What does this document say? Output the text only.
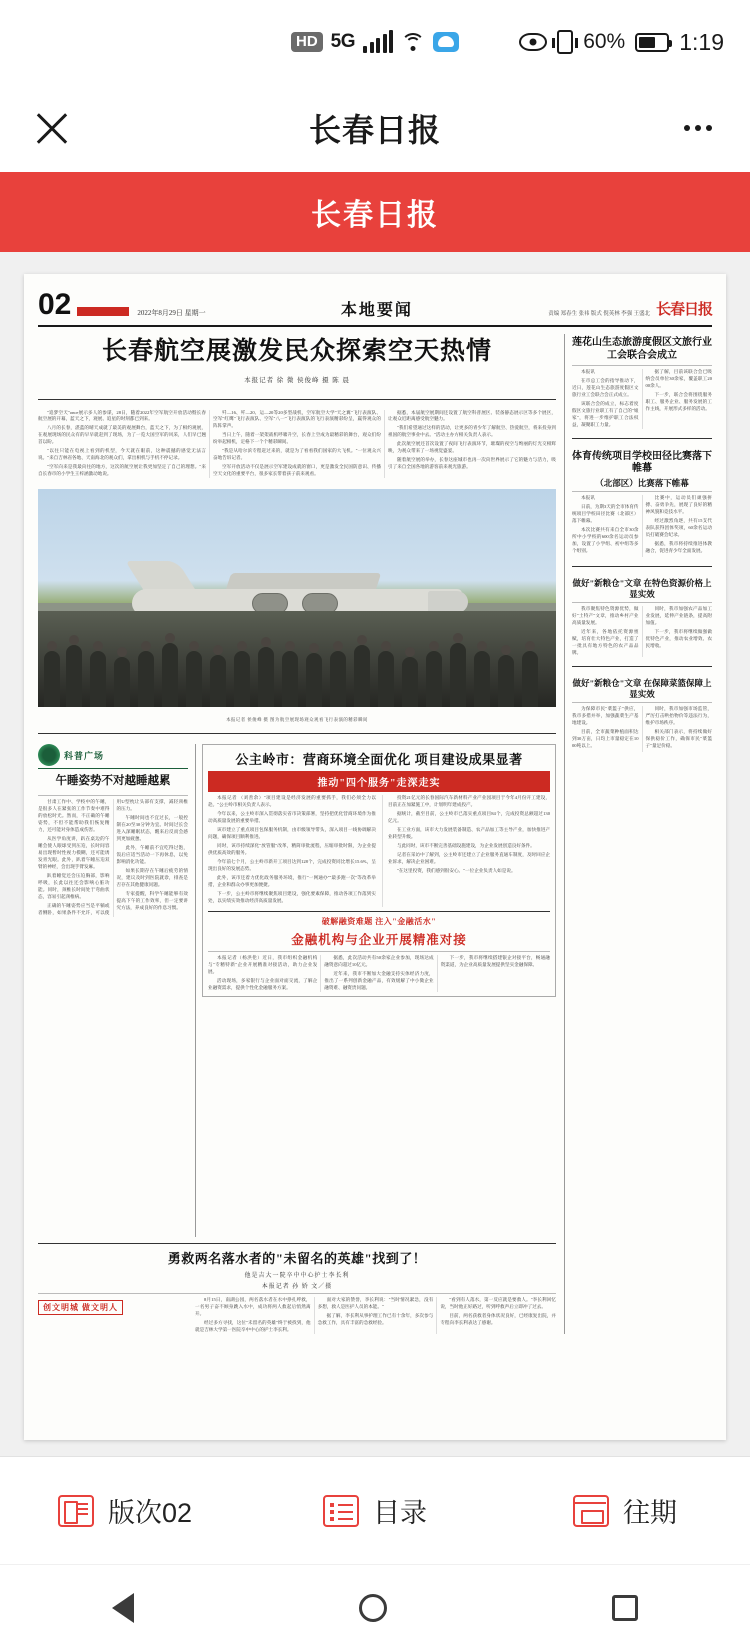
HD 5G	60% 1:19
长春日报
长春日报
02	2022年8月29日 星期一	本地要闻	责编 郑春生 张祎 版式 倪英林 李强 王盛北 长春日报
长春航空展激发民众探索空天热情
本报记者 徐 微 侯俊峰 摄 陈 晨

"追梦空天"once展示多人的参谋，28日，随着2022年空军航空开放活动暨长春航空展的开幕，蓝天之下，观展、追星的时刻都已到来。

八月的长春，湛蓝的晴天成就了最美的观展舞台，蓝天之下，为了相约观展，在观展现场的民众有的早早就赶到了现场，为了一览大国空军的风采，人们早已翘首以盼。

"以往只能在电视上看到的机型，今天就在眼前，这种震撼的感觉无法言说。"来自吉林省各地、天南海北的观众们，拿出相机与手机不停记录。

"空军向来是我最向往的地方，这次的航空展让我更加坚定了自己的理想。"来自长春市的小学生王梓涵激动地说。

歼—16、歼—20、运—20等20多型战机，空军航空大学"天之翼"飞行表演队、空军"红鹰"飞行表演队、空军"八一"飞行表演队的飞行表演精彩纷呈，赢得观众的阵阵掌声。

当日上午，随着一架架战机呼啸升空，长春上空成为最精彩的舞台，观众们纷纷举起相机，定格下一个个精彩瞬间。

"我是从哈尔滨专程赶过来的，就是为了看看我们国家的大飞机。"一位观众兴奋地告诉记者。

空军开放活动不仅是展示空军建设成就的窗口，更是激发全民国防意识、传播空天文化的重要平台，很多家长带着孩子前来观看。

据悉，本届航空展期间还设置了航空科普展区、装备静态展示区等多个展区，让观众近距离感受航空魅力。

"我们希望通过这样的活动，让更多的青少年了解航空、热爱航空，将来投身到祖国的航空事业中去。"活动主办方相关负责人表示。

此次航空展还首次设置了夜间飞行表演环节，璀璨的夜空与绚丽的灯光交相辉映，为观众带来了一场视觉盛宴。

随着航空展的举办，长春这座城市也再一次向世界展示了它的魅力与活力，吸引了来自全国各地的游客前来观光旅游。

本报记者 侯俊峰 摄 图为航空展现场观众观看飞行表演的精彩瞬间
科普广场
午睡姿势不对越睡越累

甘肃工作中、学校中的午睡，是很多人在紧张的工作节奏中难得的放松时光。然而，不正确的午睡姿势，不但不能帮助我们恢复精力，还可能对身体造成伤害。

从医学角度讲，趴在桌边的午睡会使人眼球受到压迫，长时间容易出现暂时性视力模糊，还可能诱发青光眼。此外，趴着午睡压迫双臂的神经，会出现手臂发麻。

趴着睡觉还会压迫胸部，影响呼吸，长此以往还会影响心脏功能。同时，颈椎长时间处于弯曲状态，容易引起颈椎病。

正确的午睡姿势应当是平躺或者侧卧，如果条件不允许，可以使用U型枕让头部有支撑，减轻颈椎的压力。

午睡时间也不宜过长，一般控制在20至30分钟为宜。时间过长会进入深睡眠状态，醒来后反而会感到更加疲惫。

此外，午睡前不宜吃得过饱，饭后应适当活动一下再休息，以免影响消化功能。

如果长期存在午睡后疲劳的情况，建议及时到医院就诊，排查是否存在其他健康问题。

专家提醒，科学午睡能够有效提高下午的工作效率，但一定要讲究方法，养成良好的作息习惯。

公主岭市：营商环境全面优化 项目建设成果显著
推动"四个服务"走深走实

本报记者 （刘善余）"项目建设是经济发展的重要抓手，我们必须全力以赴。"公主岭市相关负责人表示。

今年以来，公主岭市深入贯彻落实省市决策部署，坚持把优化营商环境作为推动高质量发展的重要举措。

该市建立了重点项目包保服务机制，由市级领导带头，深入项目一线协调解决问题，确保项目顺利推进。

同时，该市持续深化"放管服"改革，精简审批流程，压缩审批时限，为企业提供优质高效的服务。

今年前七个月，公主岭市新开工项目达到128个，完成投资同比增长15.6%，呈现出良好的发展态势。

此外，该市还着力优化政务服务环境，推行"一网通办""最多跑一次"等改革举措，企业和群众办事更加便捷。

下一步，公主岭市将继续聚焦项目建设，强化要素保障，推动各项工作落到实处，以实绩实效推动经济高质量发展。

投资21亿元的长春国际汽车新材料产业产业园项目于今年4月份开工建设，目前正在加紧施工中，计划明年建成投产。

据统计，截至目前，公主岭市已落实重点项目84个，完成投资总额超过130亿元。

在工业方面，该市大力发展装备制造、农产品加工等主导产业，加快推进产业转型升级。

与此同时，该市不断完善基础设施建设，为企业发展创造良好条件。

记者在采访中了解到，公主岭市还建立了企业服务直通车制度，及时回应企业诉求，解决企业困难。

"在这里投资，我们感到很安心。"一位企业负责人如是说。

破解融资难题 注入"金融活水"
金融机构与企业开展精准对接

本报记者（杨洪伦）近日，我市组织金融机构与"专精特新"企业开展精准对接活动，助力企业发展。

活动现场，多家银行与企业面对面交流，了解企业融资需求，提供个性化金融服务方案。

据悉，此次活动共有50余家企业参加，现场达成融资意向超过10亿元。

近年来，我市不断加大金融支持实体经济力度，推出了一系列创新金融产品，有效缓解了中小微企业融资难、融资贵问题。

下一步，我市将继续搭建银企对接平台，畅通融资渠道，为企业高质量发展提供坚实金融保障。

勇救两名落水者的"未留名的英雄"找到了！
他是吉大一院卒中中心护士李长利
本报记者 孙 娇 文／摄
创文明城 做文明人

8月15日，南湖公园，两名落水者在水中挣扎呼救，一名男子奋不顾身跳入水中，成功将两人救起后悄然离开。

经过多方寻找，这位"未留名的英雄"终于被找到，他就是吉林大学第一医院卒中中心的护士李长利。

面对大家的赞誉，李长利说："当时情况紧急，没有多想，救人是医护人员的本能。"

据了解，李长利从事护理工作已有十余年，多次参与急救工作，具有丰富的急救经验。

"看到有人落水，第一反应就是要救人。"李长利回忆说，当时他正好路过，听到呼救声后立即冲了过去。

目前，两名获救者身体状况良好，已经康复出院，并专程向李长利表达了感谢。

莲花山生态旅游度假区文旅行业工会联合会成立

本报讯

在市总工会的指导推动下，近日，莲花山生态旅游度假区文旅行业工会联合会正式成立。

该联合会的成立，标志着度假区文旅行业职工有了自己的"娘家"，将进一步维护职工合法权益，凝聚职工力量。

据了解，目前该联合会已吸纳会员单位30余家，覆盖职工2000余人。

下一步，联合会将围绕服务职工、服务企业、服务发展的工作主线，开展形式多样的活动。

体育传统项目学校田径比赛落下帷幕
（北部区）比赛落下帷幕

本报讯

日前，为期3天的全市体育传统项目学校田径比赛（北部区）落下帷幕。

本次比赛共有来自全市30余所中小学校的600余名运动员参加，设置了小学组、初中组等多个组别。

比赛中，运动员们顽强拼搏、奋勇争先，展现了良好的精神风貌和竞技水平。

经过激烈角逐，共有15支代表队获得团体奖项，60余名运动员打破赛会纪录。

据悉，我市将持续推进体教融合，促进青少年全面发展。

做好"新粮仓"文章 在特色资源价格上显实效

我市聚焦特色资源优势，做好"土特产"文章，推动乡村产业高质量发展。

近年来，各地依托资源禀赋，培育壮大特色产业，打造了一批具有地方特色的农产品品牌。

同时，我市加强农产品加工业发展，延伸产业链条，提高附加值。

下一步，我市将继续做强做优特色产业，推动农业增效、农民增收。

做好"新粮仓"文章 在保障菜篮保障上显实效

为保障市民"菜篮子"供应，我市多措并举，加强蔬菜生产基地建设。

目前，全市蔬菜种植面积达到30万亩，日均上市量稳定在1000吨以上。

同时，我市加强市场监管，严厉打击哄抬物价等违法行为，维护市场秩序。

相关部门表示，将持续做好保供稳价工作，确保市民"菜篮子"量足价稳。

版次02	目录	往期
